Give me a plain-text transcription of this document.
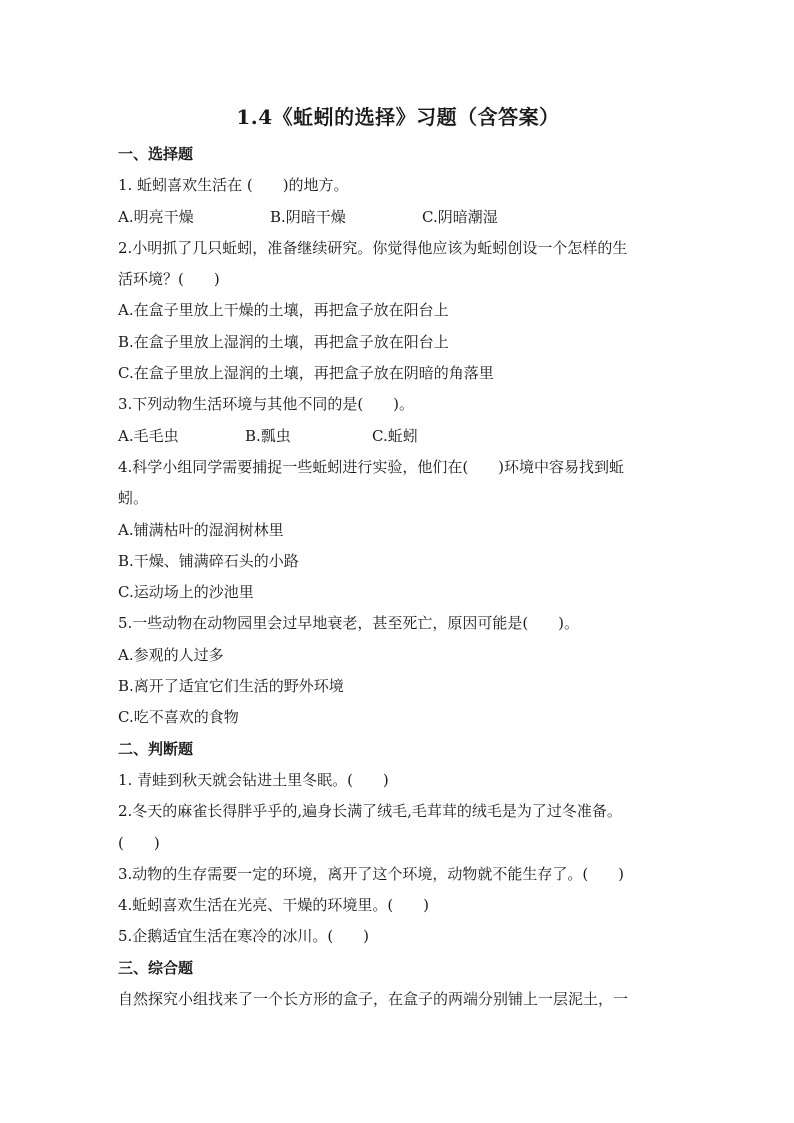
1.4《蚯蚓的选择》习题（含答案）
一、选择题
1. 蚯蚓喜欢生活在 (　　)的地方。
A.明亮干燥	B.阴暗干燥	C.阴暗潮湿
2.小明抓了几只蚯蚓，准备继续研究。你觉得他应该为蚯蚓创设一个怎样的生
活环境？(　　)
A.在盒子里放上干燥的土壤，再把盒子放在阳台上
B.在盒子里放上湿润的土壤，再把盒子放在阳台上
C.在盒子里放上湿润的土壤，再把盒子放在阴暗的角落里
3.下列动物生活环境与其他不同的是(　　)。
A.毛毛虫	B.瓢虫	C.蚯蚓
4.科学小组同学需要捕捉一些蚯蚓进行实验，他们在(　　)环境中容易找到蚯
蚓。
A.铺满枯叶的湿润树林里
B.干燥、铺满碎石头的小路
C.运动场上的沙池里
5.一些动物在动物园里会过早地衰老，甚至死亡，原因可能是(　　)。
A.参观的人过多
B.离开了适宜它们生活的野外环境
C.吃不喜欢的食物
二、判断题
1. 青蛙到秋天就会钻进土里冬眠。(　　)
2.冬天的麻雀长得胖乎乎的,遍身长满了绒毛,毛茸茸的绒毛是为了过冬准备。
(　　)
3.动物的生存需要一定的环境，离开了这个环境，动物就不能生存了。(　　)
4.蚯蚓喜欢生活在光亮、干燥的环境里。(　　)
5.企鹅适宜生活在寒冷的冰川。(　　)
三、综合题
自然探究小组找来了一个长方形的盒子，在盒子的两端分别铺上一层泥土，一
